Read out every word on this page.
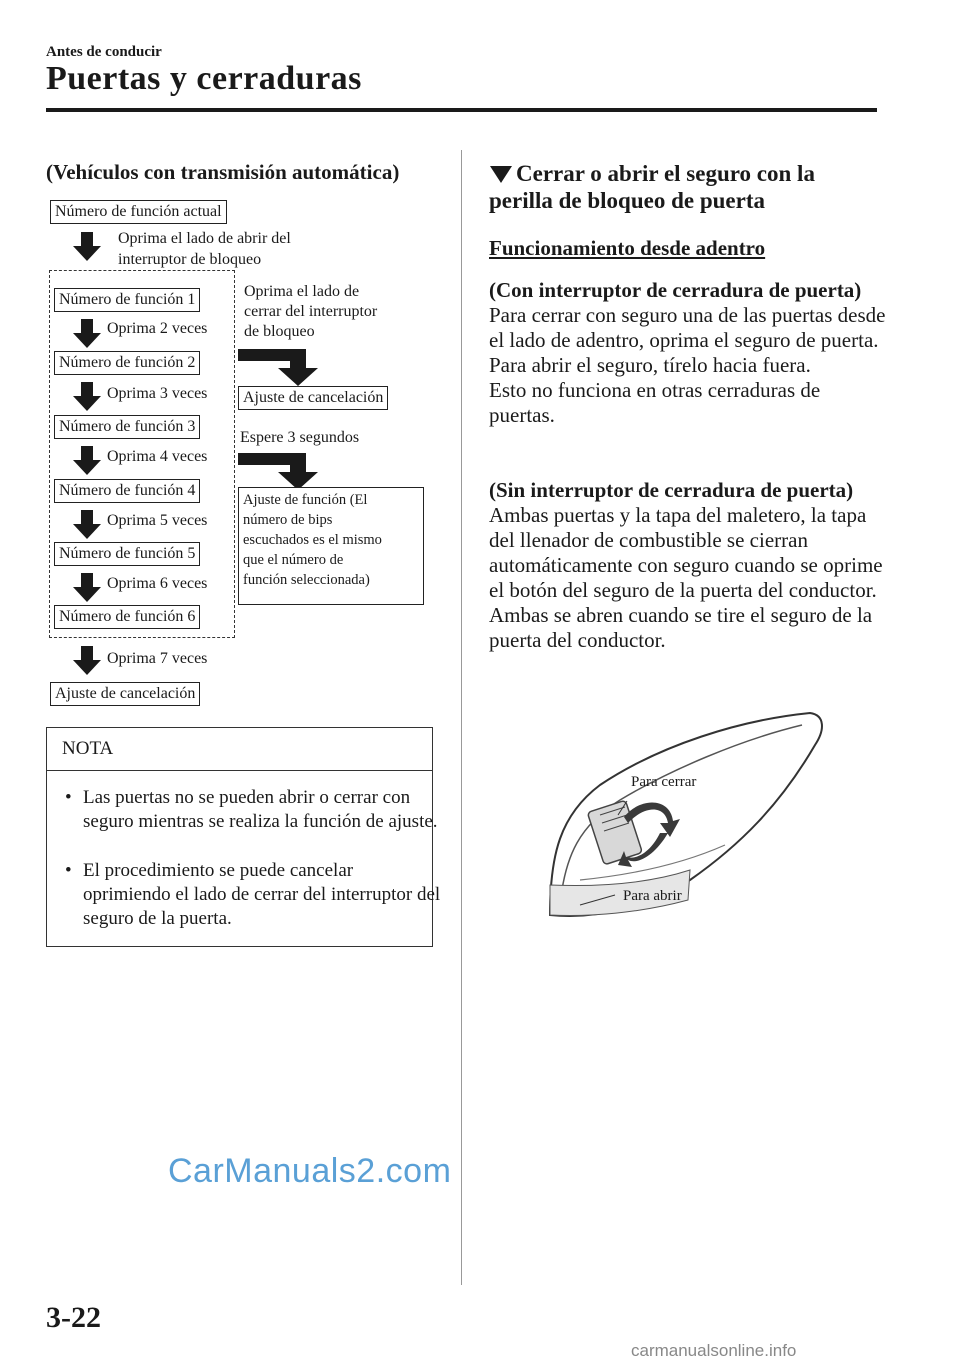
Antes de conducir
Puertas y cerraduras
(Vehículos con transmisión automática)
Número de función actual
Oprima el lado de abrir del
interruptor de bloqueo
Número de función 1
Oprima 2 veces
Número de función 2
Oprima 3 veces
Número de función 3
Oprima 4 veces
Número de función 4
Oprima 5 veces
Número de función 5
Oprima 6 veces
Número de función 6
Oprima 7 veces
Ajuste de cancelación
Oprima el lado de
cerrar del interruptor
de bloqueo
Ajuste de cancelación
Espere 3 segundos
Ajuste de función (El
número de bips
escuchados es el mismo
que el número de
función seleccionada)
NOTA
• Las puertas no se pueden abrir o cerrar con seguro mientras se realiza la función de ajuste.
• El procedimiento se puede cancelar oprimiendo el lado de cerrar del interruptor del seguro de la puerta.
Cerrar o abrir el seguro con la perilla de bloqueo de puerta
Funcionamiento desde adentro
(Con interruptor de cerradura de puerta)
Para cerrar con seguro una de las puertas desde el lado de adentro, oprima el seguro de puerta.
Para abrir el seguro, tírelo hacia fuera.
Esto no funciona en otras cerraduras de puertas.
(Sin interruptor de cerradura de puerta)
Ambas puertas y la tapa del maletero, la tapa del llenador de combustible se cierran automáticamente con seguro cuando se oprime el botón del seguro de la puerta del conductor. Ambas se abren cuando se tire el seguro de la puerta del conductor.
Para cerrar
Para abrir
3-22
CarManuals2.com
carmanualsonline.info
